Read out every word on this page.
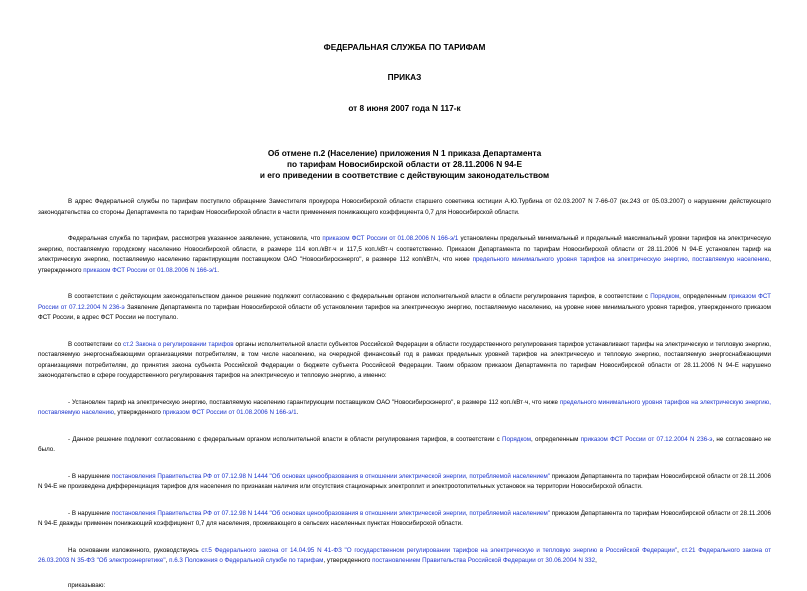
ФЕДЕРАЛЬНАЯ СЛУЖБА ПО ТАРИФАМ
ПРИКАЗ
от 8 июня 2007 года N 117-к
Об отмене п.2 (Население) приложения N 1 приказа Департамента
по тарифам Новосибирской области от 28.11.2006 N 94-Е
и его приведении в соответствие с действующим законодательством

В адрес Федеральной службы по тарифам поступило обращение Заместителя прокурора Новосибирской области старшего советника юстиции А.Ю.Турбина от 02.03.2007 N 7-66-07 (вх.243 от 05.03.2007) о нарушении действующего законодательства со стороны Департамента по тарифам Новосибирской области в части применения понижающего коэффициента 0,7 для Новосибирской области.

Федеральная служба по тарифам, рассмотрев указанное заявление, установила, что приказом ФСТ России от 01.08.2006 N 166-э/1 установлены предельный минимальный и предельный максимальный уровни тарифов на электрическую энергию, поставляемую городскому населению Новосибирской области, в размере 114 коп./кВт·ч и 117,5 коп./кВт·ч соответственно. Приказом Департамента по тарифам Новосибирской области от 28.11.2006 N 94-Е установлен тариф на электрическую энергию, поставляемую населению гарантирующим поставщиком ОАО "Новосибирскэнерго", в размере 112 коп/кВт/ч, что ниже предельного минимального уровня тарифов на электрическую энергию, поставляемую населению, утвержденного приказом ФСТ России от 01.08.2006 N 166-э/1.

В соответствии с действующим законодательством данное решение подлежит согласованию с федеральным органом исполнительной власти в области регулирования тарифов, в соответствии с Порядком, определенным приказом ФСТ России от 07.12.2004 N 236-э Заявление Департамента по тарифам Новосибирской области об установлении тарифов на электрическую энергию, поставляемую населению, на уровне ниже минимального уровня тарифов, утвержденного приказом ФСТ России, в адрес ФСТ России не поступало.

В соответствии со ст.2 Закона о регулировании тарифов органы исполнительной власти субъектов Российской Федерации в области государственного регулирования тарифов устанавливают тарифы на электрическую и тепловую энергию, поставляемую энергоснабжающими организациями потребителям, в том числе населению, на очередной финансовый год в рамках предельных уровней тарифов на электрическую и тепловую энергию, поставляемую энергоснабжающими организациями потребителям, до принятия закона субъекта Российской Федерации о бюджете субъекта Российской Федерации. Таким образом приказом Департамента по тарифам Новосибирской области от 28.11.2006 N 94-Е нарушено законодательство в сфере государственного регулирования тарифов на электрическую и тепловую энергию, а именно:

- Установлен тариф на электрическую энергию, поставляемую населению гарантирующим поставщиком ОАО "Новосибирскэнерго", в размере 112 коп./кВт·ч, что ниже предельного минимального уровня тарифов на электрическую энергию, поставляемую населению, утвержденного приказом ФСТ России от 01.08.2006 N 166-э/1.

- Данное решение подлежит согласованию с федеральным органом исполнительной власти в области регулирования тарифов, в соответствии с Порядком, определенным приказом ФСТ России от 07.12.2004 N 236-э, не согласовано не было.

- В нарушение постановления Правительства РФ от 07.12.98 N 1444 "Об основах ценообразования в отношении электрической энергии, потребляемой населением" приказом Департамента по тарифам Новосибирской области от 28.11.2006 N 94-Е не произведена дифференциация тарифов для населения по признакам наличия или отсутствия стационарных электроплит и электроотопительных установок на территории Новосибирской области.

- В нарушение постановления Правительства РФ от 07.12.98 N 1444 "Об основах ценообразования в отношении электрической энергии, потребляемой населением" приказом Департамента по тарифам Новосибирской области от 28.11.2006 N 94-Е дважды применен понижающий коэффициент 0,7 для населения, проживающего в сельских населенных пунктах Новосибирской области.

На основании изложенного, руководствуясь ст.5 Федерального закона от 14.04.95 N 41-ФЗ "О государственном регулировании тарифов на электрическую и тепловую энергию в Российской Федерации", ст.21 Федерального закона от 26.03.2003 N 35-ФЗ "Об электроэнергетике", п.6.3 Положения о Федеральной службе по тарифам, утвержденного постановлением Правительства Российской Федерации от 30.06.2004 N 332,

приказываю:
